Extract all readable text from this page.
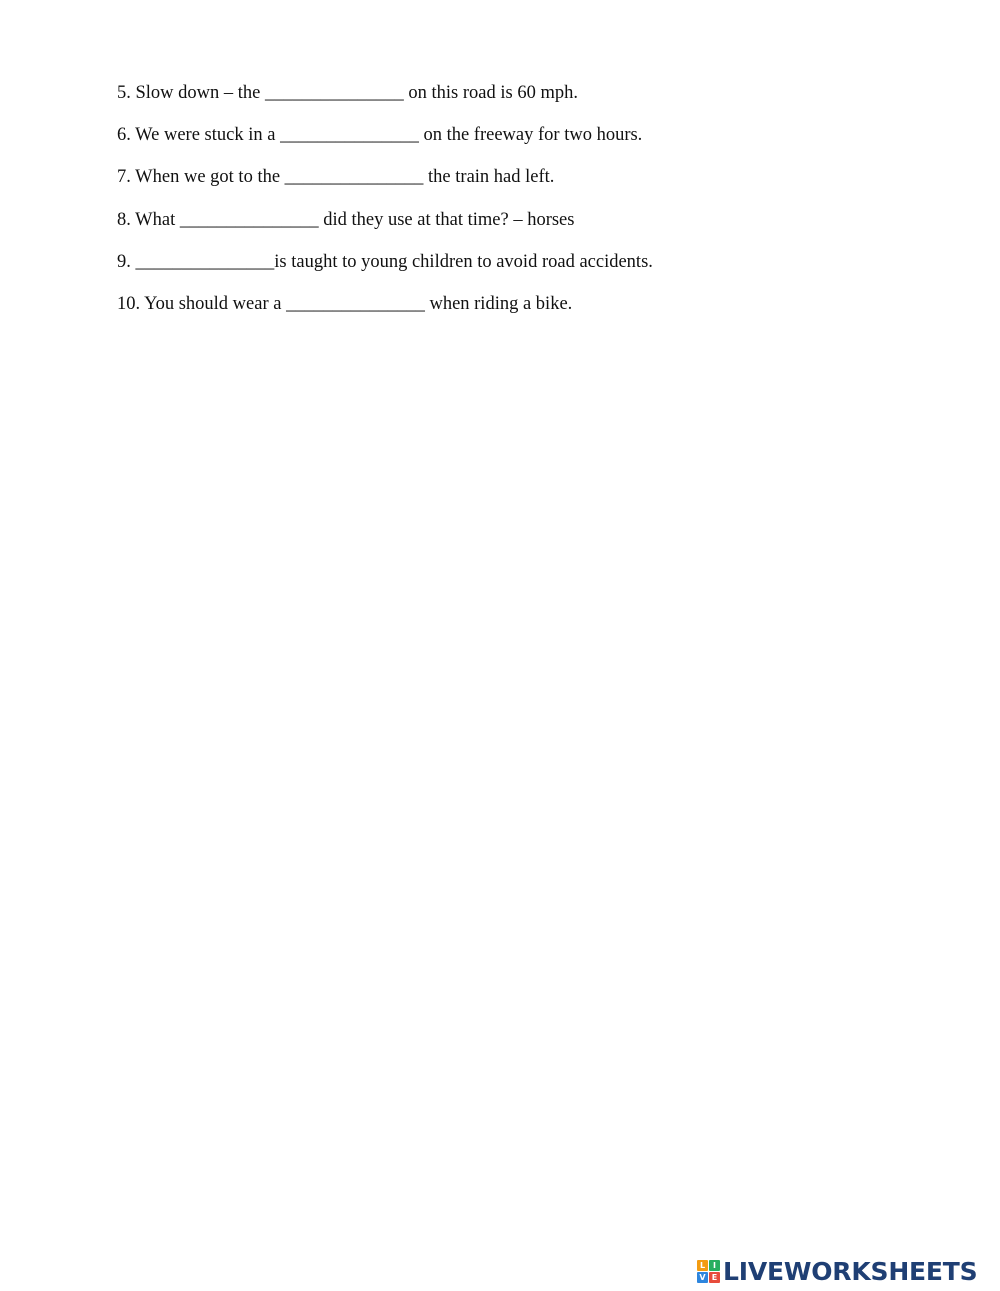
5. Slow down – the _______________ on this road is 60 mph.
6. We were stuck in a _______________ on the freeway for two hours.
7. When we got to the _______________ the train had left.
8. What _______________ did they use at that time? – horses
9. _______________is taught to young children to avoid road accidents.
10. You should wear a _______________ when riding a bike.
L I
V E LIVEWORKSHEETS
